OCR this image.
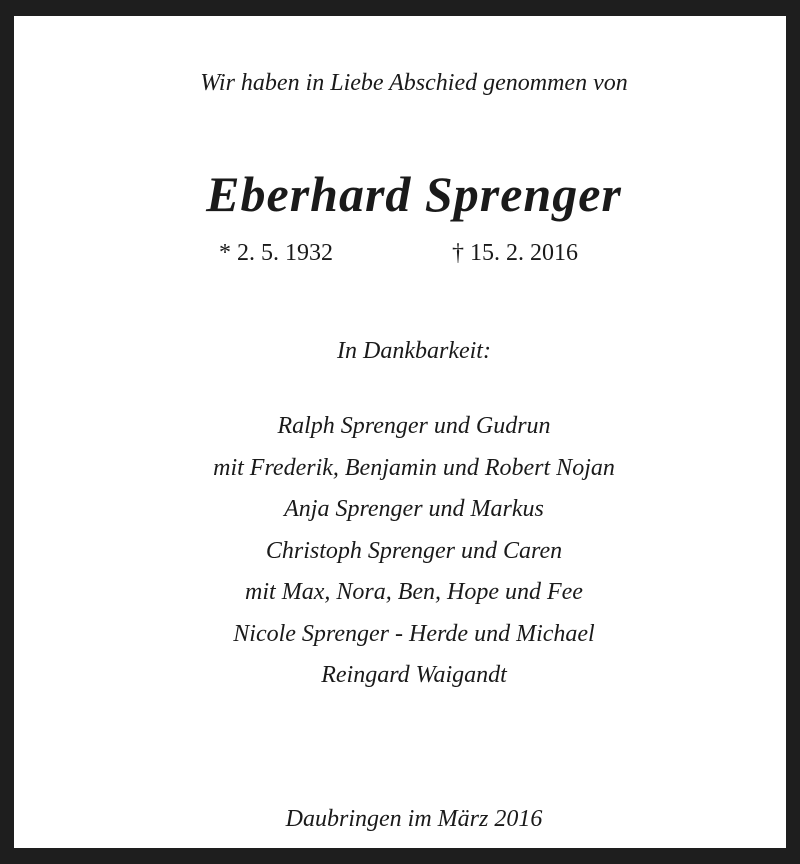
Wir haben in Liebe Abschied genommen von
Eberhard Sprenger
* 2. 5. 1932	† 15. 2. 2016
In Dankbarkeit:
Ralph Sprenger und Gudrun
mit Frederik, Benjamin und Robert Nojan
Anja Sprenger und Markus
Christoph Sprenger und Caren
mit Max, Nora, Ben, Hope und Fee
Nicole Sprenger - Herde und Michael
Reingard Waigandt
Daubringen im März 2016
